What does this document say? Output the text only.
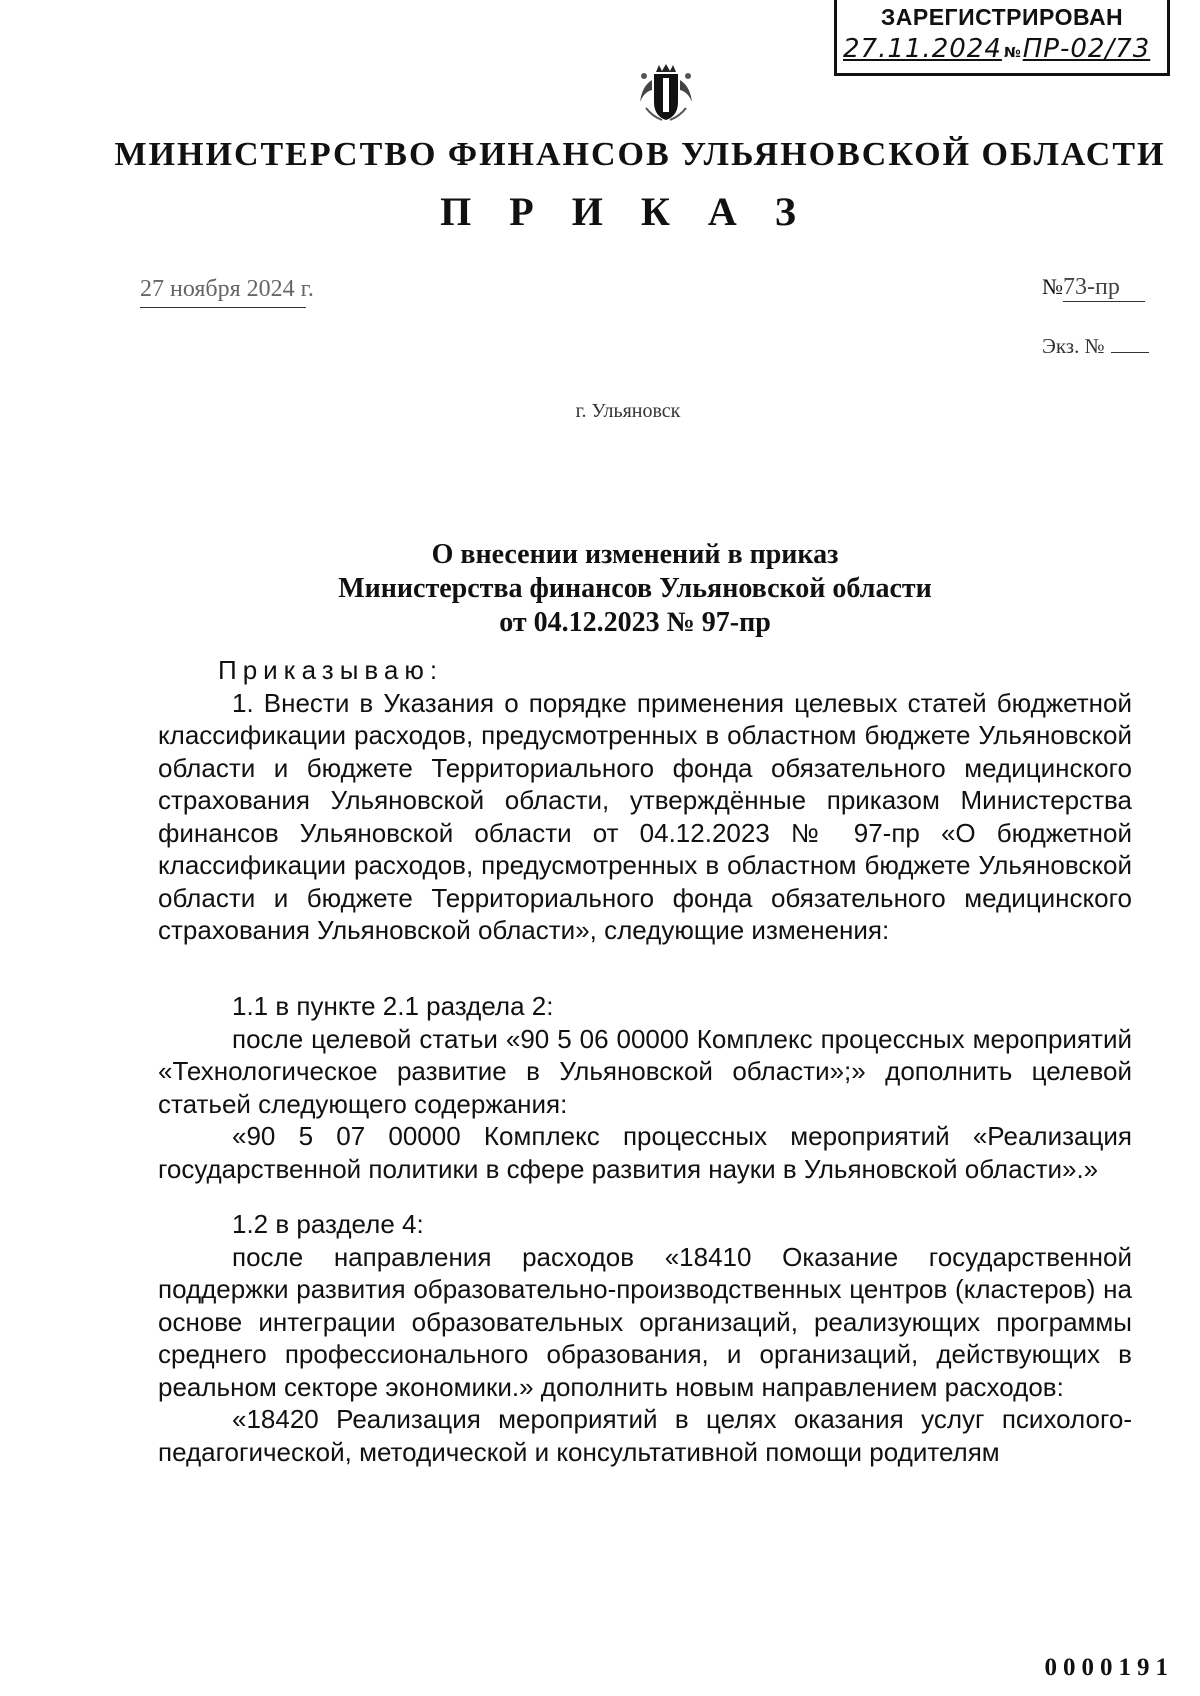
ЗАРЕГИСТРИРОВАН
27.11.2024 №ПР-02/73
МИНИСТЕРСТВО ФИНАНСОВ УЛЬЯНОВСКОЙ ОБЛАСТИ
П Р И К А З
27 ноября 2024 г.	№73-пр
Экз. №
г. Ульяновск
О внесении изменений в приказ
Министерства финансов Ульяновской области
от 04.12.2023 № 97-пр

Приказываю:

1. Внести в Указания о порядке применения целевых статей бюджетной классификации расходов, предусмотренных в областном бюджете Ульяновской области и бюджете Территориального фонда обязательного медицинского страхования Ульяновской области, утверждённые приказом Министерства финансов Ульяновской области от 04.12.2023 № 97-пр «О бюджетной классификации расходов, предусмотренных в областном бюджете Ульяновской области и бюджете Территориального фонда обязательного медицинского страхования Ульяновской области», следующие изменения:

1.1 в пункте 2.1 раздела 2:

после целевой статьи «90 5 06 00000 Комплекс процессных мероприятий «Технологическое развитие в Ульяновской области»;» дополнить целевой статьей следующего содержания:

«90 5 07 00000 Комплекс процессных мероприятий «Реализация государственной политики в сфере развития науки в Ульяновской области».»

1.2 в разделе 4:

после направления расходов «18410 Оказание государственной поддержки развития образовательно-производственных центров (кластеров) на основе интеграции образовательных организаций, реализующих программы среднего профессионального образования, и организаций, действующих в реальном секторе экономики.» дополнить новым направлением расходов:

«18420 Реализация мероприятий в целях оказания услуг психолого-педагогической, методической и консультативной помощи родителям

0000191
